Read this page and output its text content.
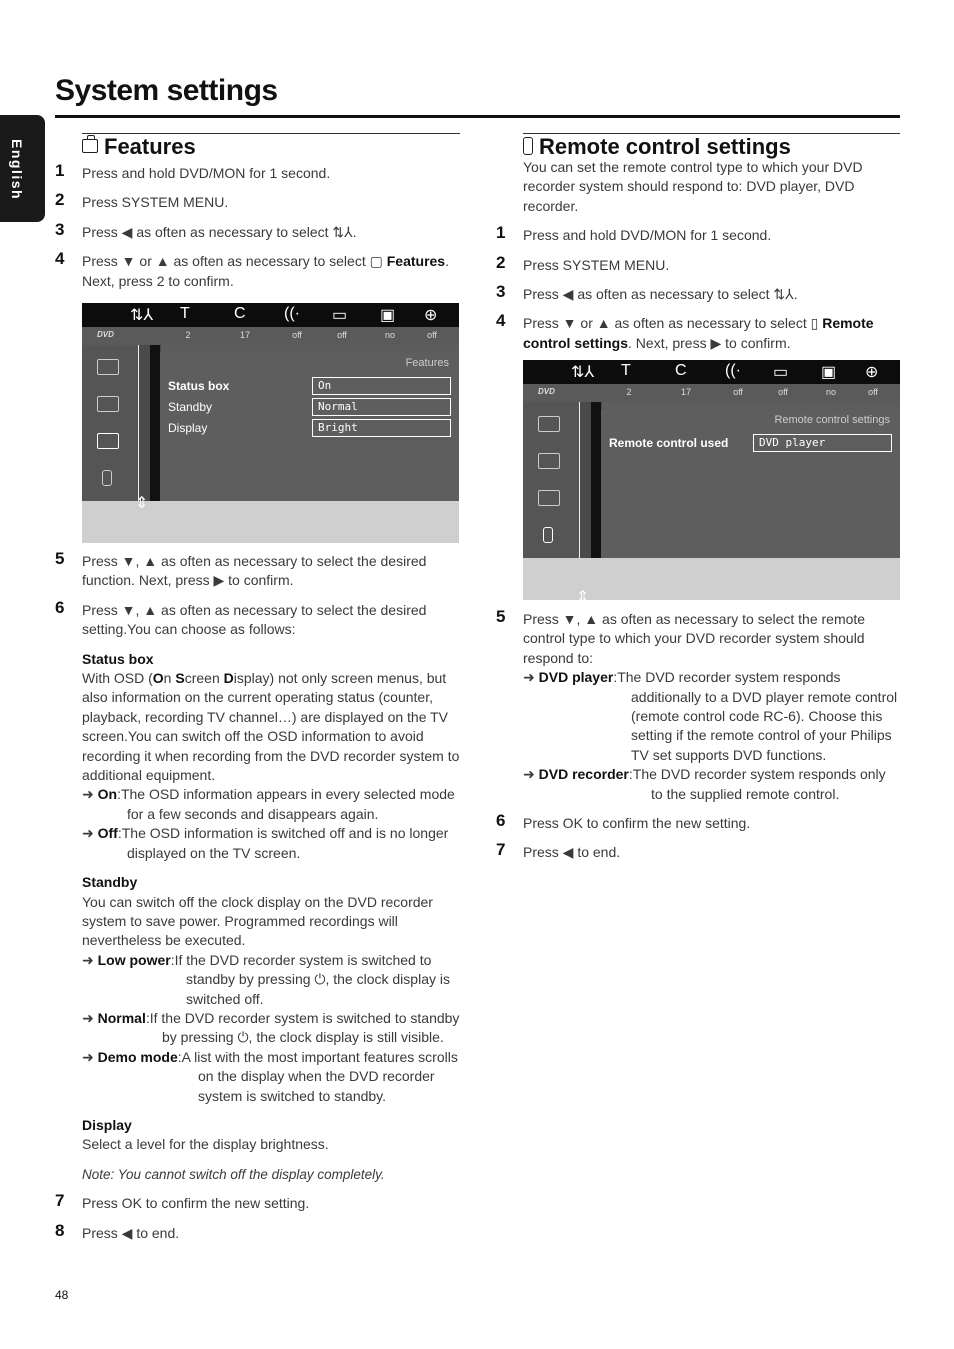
System settings
English	Features
1 Press and hold DVD/MON for 1 second.

2 Press SYSTEM MENU.

3 Press ◀ as often as necessary to select ⇅⅄.

4 Press ▼ or ▲ as often as necessary to select ▢ Features. Next, press 2 to confirm.

⇅⅄ T	C ((· ▭ ▣ ⊕
DVD	2	17	off	off	no	off
⇕
Features
Status box	On
Standby	Normal
Display	Bright
5 Press ▼, ▲ as often as necessary to select the desired function. Next, press ▶ to confirm.

6 Press ▼, ▲ as often as necessary to select the desired setting.You can choose as follows:

Status box

With OSD (On Screen Display) not only screen menus, but also information on the current operating status (counter, playback, recording TV channel…) are displayed on the TV screen.You can switch off the OSD information to avoid recording it when recording from the DVD recorder system to additional equipment.

➜ On:The OSD information appears in every selected mode for a few seconds and disappears again.
➜ Off:The OSD information is switched off and is no longer displayed on the TV screen.

Standby

You can switch off the clock display on the DVD recorder system to save power. Programmed recordings will nevertheless be executed.

➜ Low power:If the DVD recorder system is switched to standby by pressing ⏻, the clock display is switched off.
➜ Normal:If the DVD recorder system is switched to standby by pressing ⏻, the clock display is still visible.
➜ Demo mode:A list with the most important features scrolls on the display when the DVD recorder system is switched to standby.

Display

Select a level for the display brightness.

Note: You cannot switch off the display completely.

7 Press OK to confirm the new setting.

8 Press ◀ to end.

Remote control settings

You can set the remote control type to which your DVD recorder system should respond to: DVD player, DVD recorder.

1 Press and hold DVD/MON for 1 second.

2 Press SYSTEM MENU.

3 Press ◀ as often as necessary to select ⇅⅄.

4 Press ▼ or ▲ as often as necessary to select ▯ Remote control settings. Next, press ▶ to confirm.

⇅⅄ T	C ((· ▭ ▣ ⊕
DVD	2	17	off	off	no	off
⇕
Remote control settings
Remote control used	DVD player
5 Press ▼, ▲ as often as necessary to select the remote control type to which your DVD recorder system should respond to:

➜ DVD player:The DVD recorder system responds additionally to a DVD player remote control (remote control code RC-6). Choose this setting if the remote control of your Philips TV set supports DVD functions.
➜ DVD recorder:The DVD recorder system responds only to the supplied remote control.
6 Press OK to confirm the new setting.

7 Press ◀ to end.

48
